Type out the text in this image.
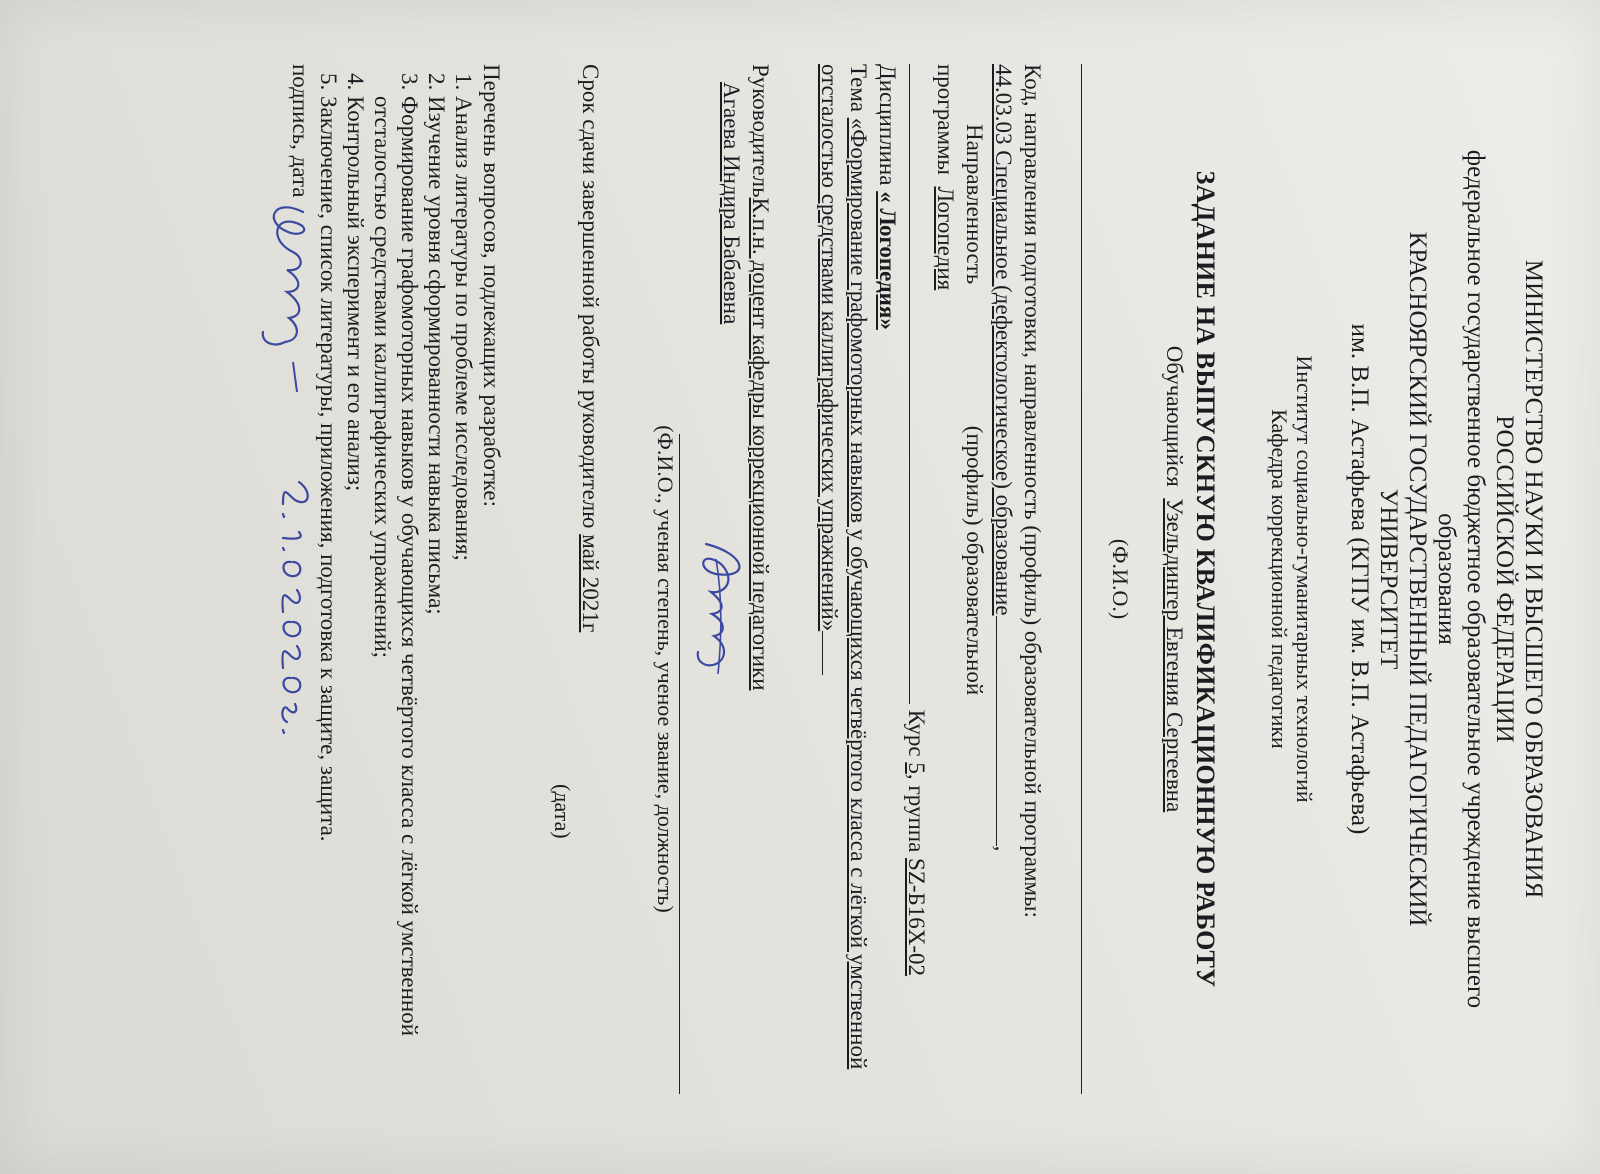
МИНИСТЕРСТВО НАУКИ И ВЫСШЕГО ОБРАЗОВАНИЯ РОССИЙСКОЙ ФЕДЕРАЦИИ
федеральное государственное бюджетное образовательное учреждение высшего образования
КРАСНОЯРСКИЙ ГОСУДАРСТВЕННЫЙ ПЕДАГОГИЧЕСКИЙ УНИВЕРСИТЕТ
им. В.П. Астафьева (КГПУ им. В.П. Астафьева)
Институт социально-гуманитарных технологий
Кафедра коррекционной педагогики
ЗАДАНИЕ НА ВЫПУСКНУЮ КВАЛИФИКАЦИОННУЮ РАБОТУ
Обучающийся  Узельдингер Евгения Сергеевна
(Ф.И.О.)
Код, направления подготовки, направленность (профиль) образовательной программы:
44.03.03 Специальное (дефектологическое) образование,
Направленность  (профиль) образовательной
программы  Логопедия
Курс 5, группа SZ-Б16Х-02
Дисциплина « Логопедия»
Тема «Формирование графомоторных навыков у обучающихся четвёртого класса с лёгкой умственной отсталостью средствами каллиграфических упражнений»
РуководительК.п.н. доцент кафедры коррекционной педагогики
Агаева Индира Бабаевна
(Ф.И.О., ученая степень, ученое звание, должность)
Срок сдачи завершенной работы руководителю май 2021г
(дата)
Перечень вопросов, подлежащих разработке:
1. Анализ литературы по проблеме исследования;
2. Изучение уровня сформированности навыка письма;
3. Формирование графомоторных навыков у обучающихся четвёртого класса с лёгкой умственной отсталостью средствами каллиграфических упражнений;
4. Контрольный эксперимент и его анализ;
5. Заключение, список литературы, приложения, подготовка к защите, защита.
подпись, дата
